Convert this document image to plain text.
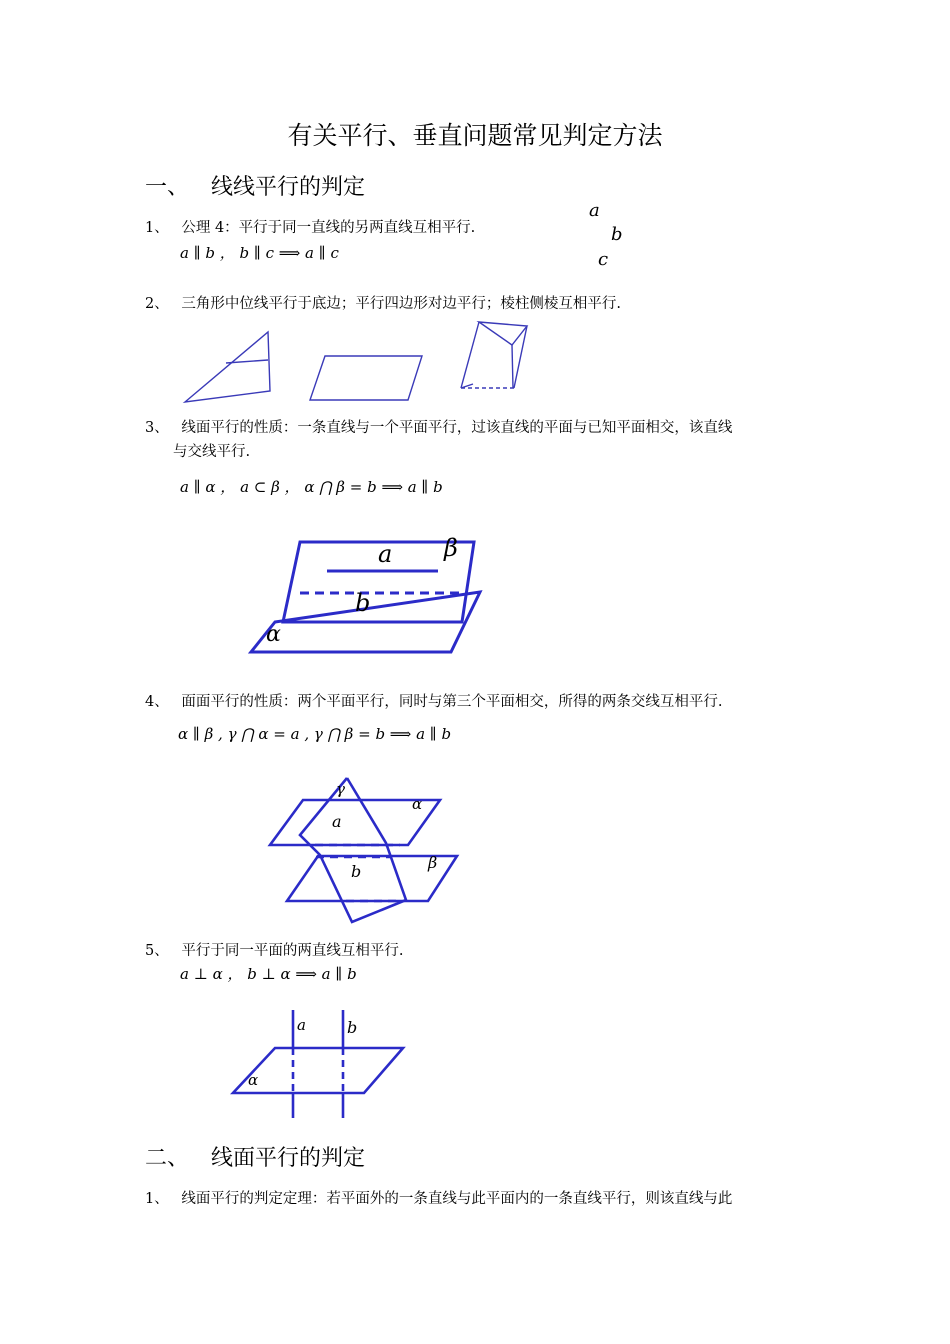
有关平行、垂直问题常见判定方法
一、 线线平行的判定
1、 公理 4：平行于同一直线的另两直线互相平行.
a ∥ b ， b ∥ c ⟹ a ∥ c
a
b
c
2、 三角形中位线平行于底边；平行四边形对边平行；棱柱侧棱互相平行.
3、 线面平行的性质：一条直线与一个平面平行，过该直线的平面与已知平面相交，该直线
与交线平行.
a ∥ α ， a ⊂ β ， α ⋂ β = b ⟹ a ∥ b
a β
b
α
4、 面面平行的性质：两个平面平行，同时与第三个平面相交，所得的两条交线互相平行.
α ∥ β , γ ⋂ α = a , γ ⋂ β = b ⟹ a ∥ b
γ
α
a
β
b
5、 平行于同一平面的两直线互相平行.
a ⊥ α ， b ⊥ α ⟹ a ∥ b
a	b
α
二、 线面平行的判定
1、 线面平行的判定定理：若平面外的一条直线与此平面内的一条直线平行，则该直线与此
